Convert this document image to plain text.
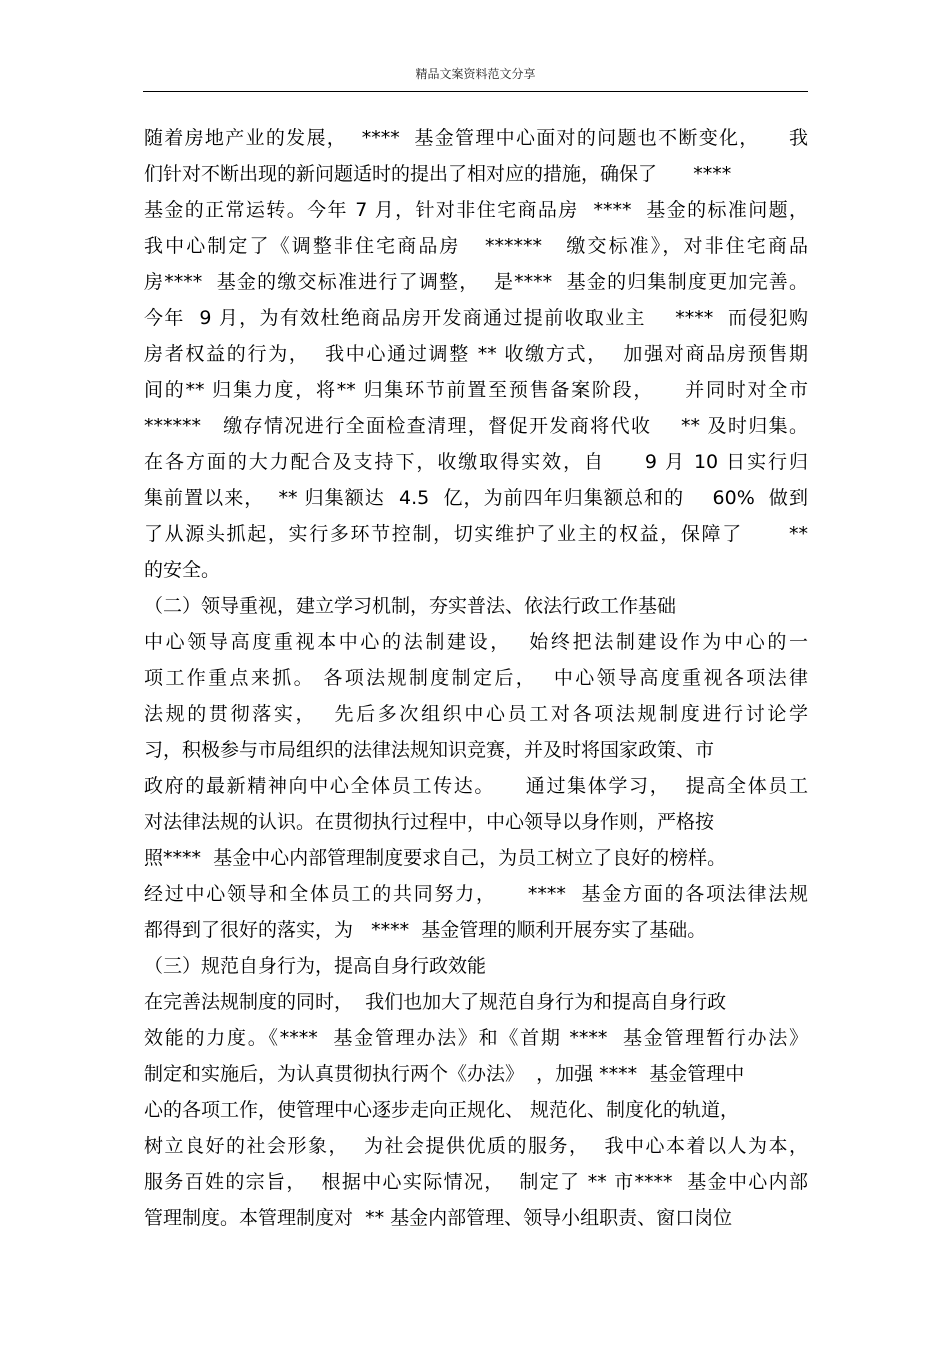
精品文案资料范文分享
随着房地产业的发展，  ****  基金管理中心面对的问题也不断变化，    我
们针对不断出现的新问题适时的提出了相对应的措施，确保了      ****
基金的正常运转。今年 7 月，针对非住宅商品房  ****  基金的标准问题，
我中心制定了《调整非住宅商品房   ******   缴交标准》，对非住宅商品
房****  基金的缴交标准进行了调整，  是****  基金的归集制度更加完善。
今年  9 月，为有效杜绝商品房开发商通过提前收取业主    ****  而侵犯购
房者权益的行为，  我中心通过调整 ** 收缴方式，  加强对商品房预售期
间的** 归集力度，将** 归集环节前置至预售备案阶段，    并同时对全市
******   缴存情况进行全面检查清理，督促开发商将代收    ** 及时归集。
在各方面的大力配合及支持下，收缴取得实效，自     9 月 10 日实行归
集前置以来，  ** 归集额达  4.5  亿，为前四年归集额总和的    60%  做到
了从源头抓起，实行多环节控制，切实维护了业主的权益，保障了      **
的安全。
（二）领导重视，建立学习机制，夯实普法、依法行政工作基础
中心领导高度重视本中心的法制建设，  始终把法制建设作为中心的一
项工作重点来抓。 各项法规制度制定后，  中心领导高度重视各项法律
法规的贯彻落实，  先后多次组织中心员工对各项法规制度进行讨论学
习，积极参与市局组织的法律法规知识竞赛，并及时将国家政策、市
政府的最新精神向中心全体员工传达。    通过集体学习，  提高全体员工
对法律法规的认识。在贯彻执行过程中，中心领导以身作则，严格按
照****  基金中心内部管理制度要求自己，为员工树立了良好的榜样。
经过中心领导和全体员工的共同努力，    ****  基金方面的各项法律法规
都得到了很好的落实，为   ****  基金管理的顺利开展夯实了基础。
（三）规范自身行为，提高自身行政效能
在完善法规制度的同时，  我们也加大了规范自身行为和提高自身行政
效能的力度。《****  基金管理办法》和《首期 ****  基金管理暂行办法》
制定和实施后，为认真贯彻执行两个《办法》  ，加强 ****  基金管理中
心的各项工作，使管理中心逐步走向正规化、 规范化、制度化的轨道，
树立良好的社会形象，  为社会提供优质的服务，  我中心本着以人为本，
服务百姓的宗旨，  根据中心实际情况，  制定了 ** 市****  基金中心内部
管理制度。本管理制度对  ** 基金内部管理、领导小组职责、窗口岗位
